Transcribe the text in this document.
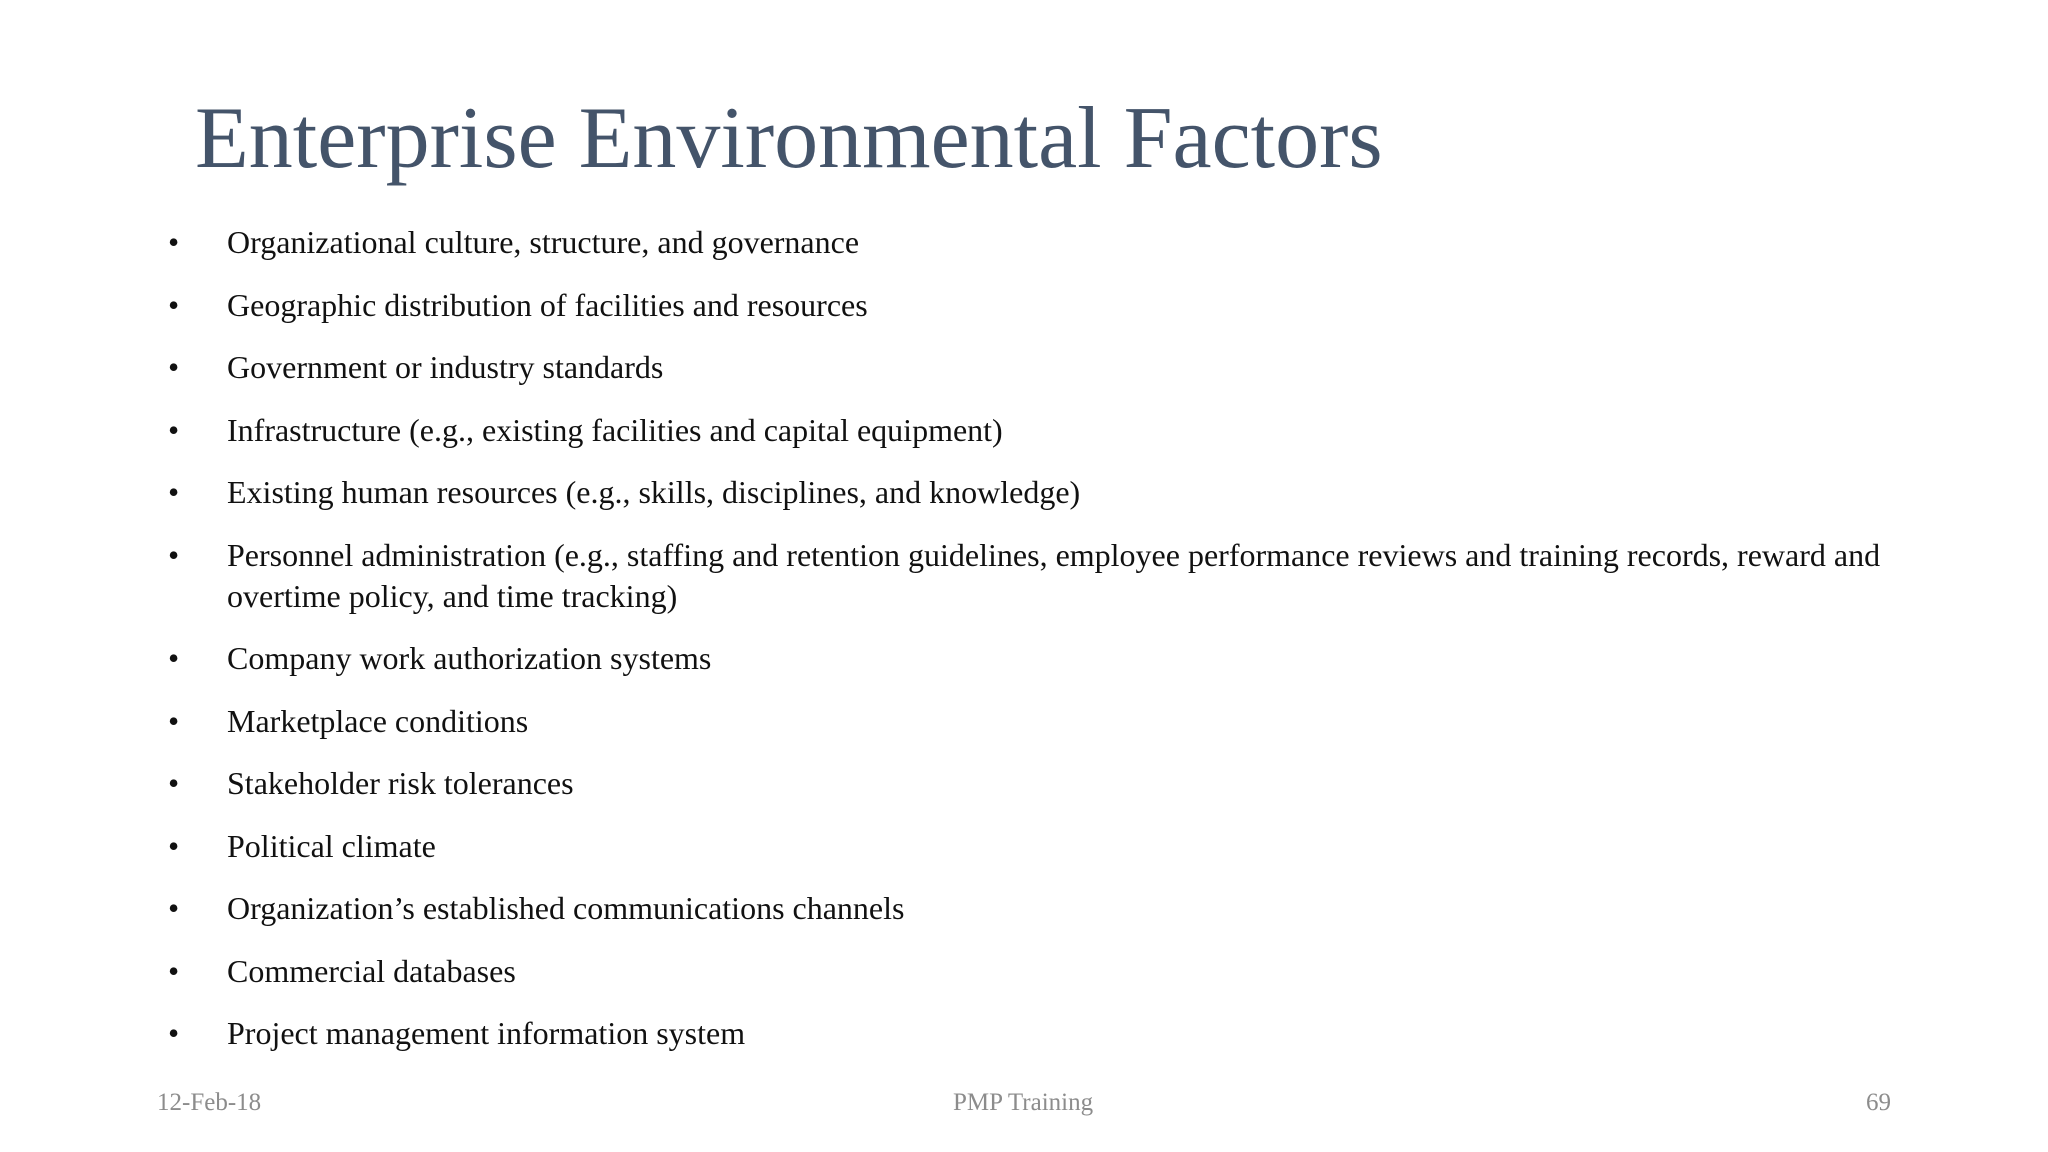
Enterprise Environmental Factors
•	Organizational culture, structure, and governance
•	Geographic distribution of facilities and resources
•	Government or industry standards
•	Infrastructure (e.g., existing facilities and capital equipment)
•	Existing human resources (e.g., skills, disciplines, and knowledge)
•	Personnel administration (e.g., staffing and retention guidelines, employee performance reviews and training records, reward and overtime policy, and time tracking)
•	Company work authorization systems
•	Marketplace conditions
•	Stakeholder risk tolerances
•	Political climate
•	Organization’s established communications channels
•	Commercial databases
•	Project management information system
12-Feb-18	PMP Training	69
